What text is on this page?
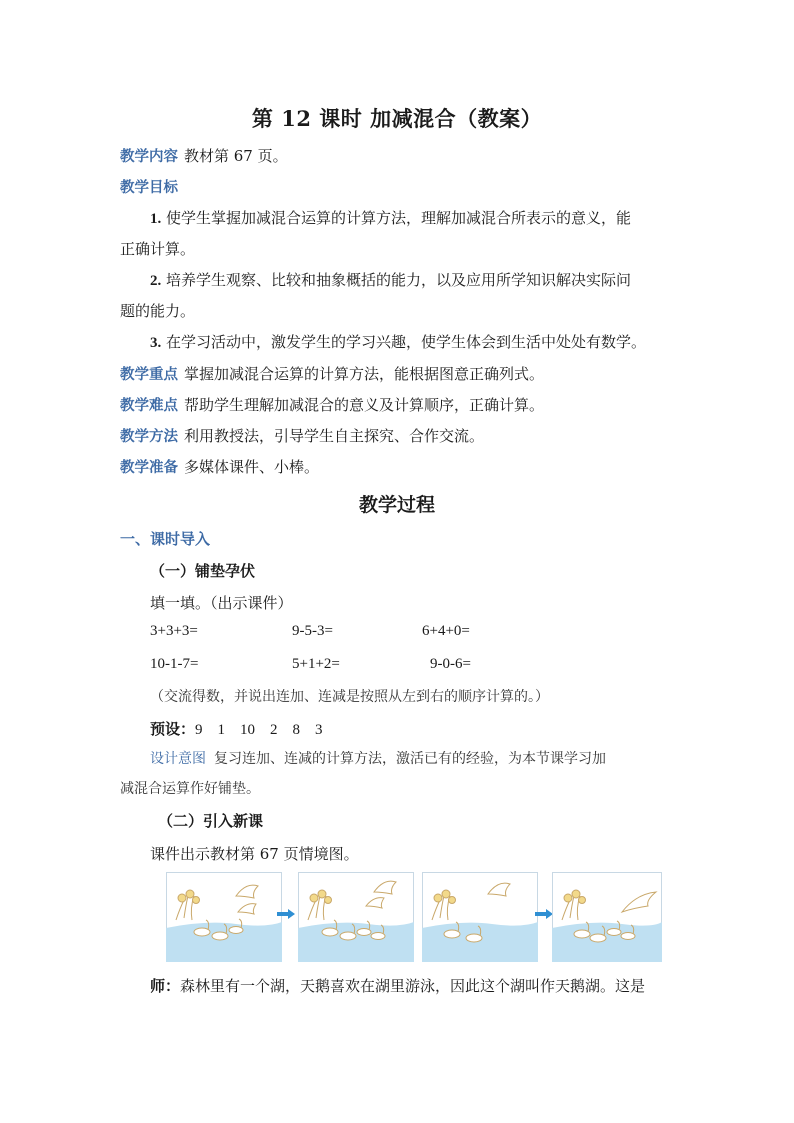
第 12 课时 加减混合（教案）
教学内容 教材第 67 页。
教学目标
1. 使学生掌握加减混合运算的计算方法，理解加减混合所表示的意义，能
正确计算。
2. 培养学生观察、比较和抽象概括的能力，以及应用所学知识解决实际问
题的能力。
3. 在学习活动中，激发学生的学习兴趣，使学生体会到生活中处处有数学。
教学重点 掌握加减混合运算的计算方法，能根据图意正确列式。
教学难点 帮助学生理解加减混合的意义及计算顺序，正确计算。
教学方法 利用教授法，引导学生自主探究、合作交流。
教学准备 多媒体课件、小棒。
教学过程
一、课时导入
（一）铺垫孕伏
填一填。（出示课件）
3+3+3=	9-5-3=	6+4+0=
10-1-7=	5+1+2=	9-0-6=
（交流得数，并说出连加、连减是按照从左到右的顺序计算的。）
预设：9    1    10    2    8    3
设计意图 复习连加、连减的计算方法，激活已有的经验，为本节课学习加
减混合运算作好铺垫。
（二）引入新课
课件出示教材第 67 页情境图。
师：森林里有一个湖，天鹅喜欢在湖里游泳，因此这个湖叫作天鹅湖。这是
